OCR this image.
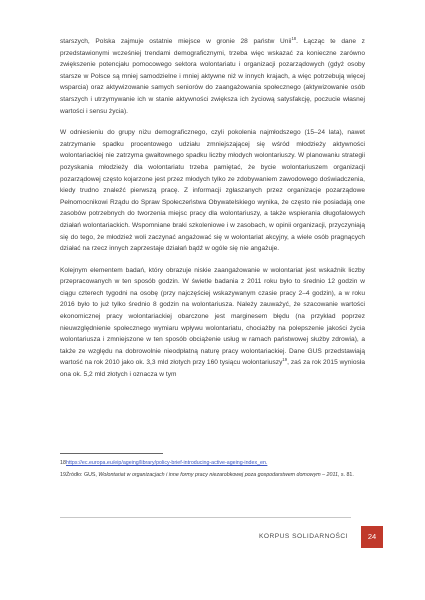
starszych, Polska zajmuje ostatnie miejsce w gronie 28 państw Unii$^{18}$. Łącząc te dane z przedstawionymi wcześniej trendami demograficznymi, trzeba więc wskazać za konieczne zarówno zwiększenie potencjału pomocowego sektora wolontariatu i organizacji pozarządowych (gdyż osoby starsze w Polsce są mniej samodzielne i mniej aktywne niż w innych krajach, a więc potrzebują więcej wsparcia) oraz aktywizowanie samych seniorów do zaangażowania społecznego (aktywizowanie osób starszych i utrzymywanie ich w stanie aktywności zwiększa ich życiową satysfakcję, poczucie własnej wartości i sensu życia).

W odniesieniu do grupy niżu demograficznego, czyli pokolenia najmłodszego (15–24 lata), nawet zatrzymanie spadku procentowego udziału zmniejszającej się wśród młodzieży aktywności wolontariackiej nie zatrzyma gwałtownego spadku liczby młodych wolontariuszy. W planowaniu strategii pozyskania młodzieży dla wolontariatu trzeba pamiętać, że bycie wolontariuszem organizacji pozarządowej często kojarzone jest przez młodych tylko ze zdobywaniem zawodowego doświadczenia, kiedy trudno znaleźć pierwszą pracę. Z informacji zgłaszanych przez organizacje pozarządowe Pełnomocnikowi Rządu do Spraw Społeczeństwa Obywatelskiego wynika, że często nie posiadają one zasobów potrzebnych do tworzenia miejsc pracy dla wolontariuszy, a także wspierania długofalowych działań wolontariackich. Wspomniane braki szkoleniowe i w zasobach, w opinii organizacji, przyczyniają się do tego, że młodzież woli zaczynać angażować się w wolontariat akcyjny, a wiele osób pragnących działać na rzecz innych zaprzestaje działań bądź w ogóle się nie angażuje.

Kolejnym elementem badań, który obrazuje niskie zaangażowanie w wolontariat jest wskaźnik liczby przepracowanych w ten sposób godzin. W świetle badania z 2011 roku było to średnio 12 godzin w ciągu czterech tygodni na osobę (przy najczęściej wskazywanym czasie pracy 2–4 godzin), a w roku 2016 było to już tylko średnio 8 godzin na wolontariusza. Należy zauważyć, że szacowanie wartości ekonomicznej pracy wolontariackiej obarczone jest marginesem błędu (na przykład poprzez nieuwzględnienie społecznego wymiaru wpływu wolontariatu, chociażby na polepszenie jakości życia wolontariusza i zmniejszone w ten sposób obciążenie usług w ramach państwowej służby zdrowia), a także ze względu na dobrowolnie nieodpłatną naturę pracy wolontariackiej. Dane GUS przedstawiają wartość na rok 2010 jako ok. 3,3 mld złotych przy 160 tysiącu wolontariuszy$^{19}$, zaś za rok 2015 wyniosła ona ok. 5,2 mld złotych i oznacza w tym

18https://ec.europa.eu/eip/ageing/library/policy-brief-introducing-active-ageing-index_en.
19Źródło: GUS, Wolontariat w organizacjach i inne formy pracy niezarobkowej poza gospodarstwem domowym – 2011, s. 81.
KORPUS SOLIDARNOŚCI	24
